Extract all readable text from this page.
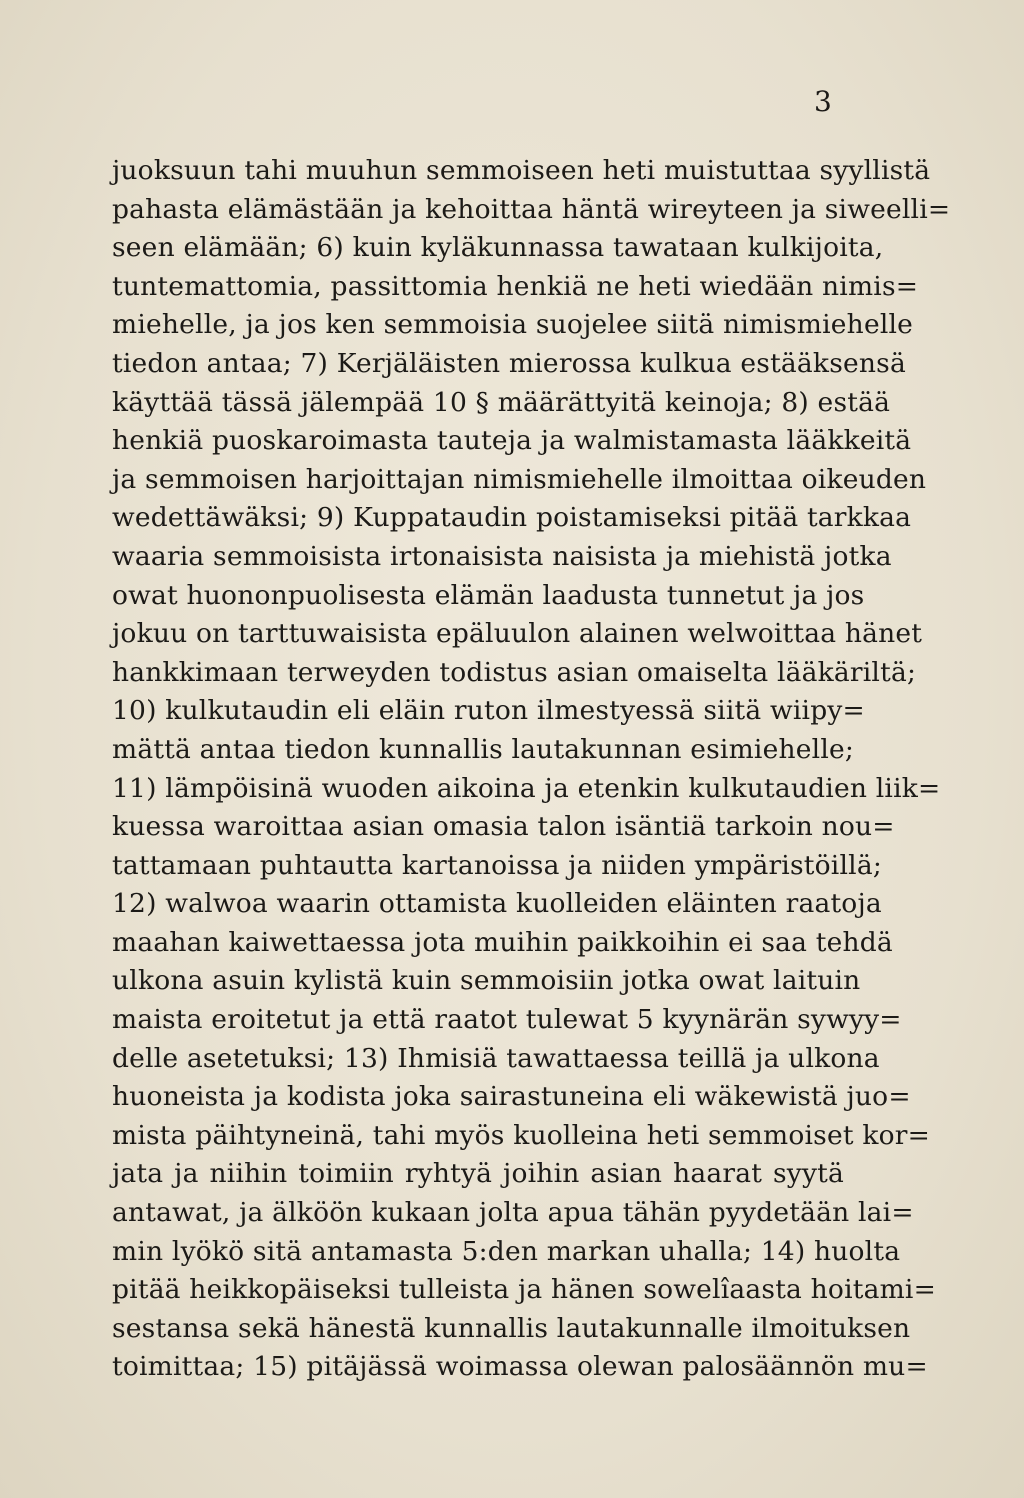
3
juoksuun tahi muuhun semmoiseen heti muistuttaa syyllistä
pahasta elämästään ja kehoittaa häntä wireyteen ja siweelli=
seen elämään; 6) kuin kyläkunnassa tawataan kulkijoita,
tuntemattomia, passittomia henkiä ne heti wiedään nimis=
miehelle, ja jos ken semmoisia suojelee siitä nimismiehelle
tiedon antaa; 7) Kerjäläisten mierossa kulkua estääksensä
käyttää tässä jälempää 10 § määrättyitä keinoja; 8) estää
henkiä puoskaroimasta tauteja ja walmistamasta lääkkeitä
ja semmoisen harjoittajan nimismiehelle ilmoittaa oikeuden
wedettäwäksi; 9) Kuppataudin poistamiseksi pitää tarkkaa
waaria semmoisista irtonaisista naisista ja miehistä jotka
owat huononpuolisesta elämän laadusta tunnetut ja jos
jokuu on tarttuwaisista epäluulon alainen welwoittaa hänet
hankkimaan terweyden todistus asian omaiselta lääkäriltä;
10) kulkutaudin eli eläin ruton ilmestyessä siitä wiipy=
mättä antaa tiedon kunnallis lautakunnan esimiehelle;
11) lämpöisinä wuoden aikoina ja etenkin kulkutaudien liik=
kuessa waroittaa asian omasia talon isäntiä tarkoin nou=
tattamaan puhtautta kartanoissa ja niiden ympäristöillä;
12) walwoa waarin ottamista kuolleiden eläinten raatoja
maahan kaiwettaessa jota muihin paikkoihin ei saa tehdä
ulkona asuin kylistä kuin semmoisiin jotka owat laituin
maista eroitetut ja että raatot tulewat 5 kyynärän sywyy=
delle asetetuksi; 13) Ihmisiä tawattaessa teillä ja ulkona
huoneista ja kodista joka sairastuneina eli wäkewistä juo=
mista päihtyneinä, tahi myös kuolleina heti semmoiset kor=
jata ja niihin toimiin ryhtyä joihin asian haarat syytä
antawat, ja älköön kukaan jolta apua tähän pyydetään lai=
min lyökö sitä antamasta 5:den markan uhalla; 14) huolta
pitää heikkopäiseksi tulleista ja hänen sowelîaasta hoitami=
sestansa sekä hänestä kunnallis lautakunnalle ilmoituksen
toimittaa; 15) pitäjässä woimassa olewan palosäännön mu=
